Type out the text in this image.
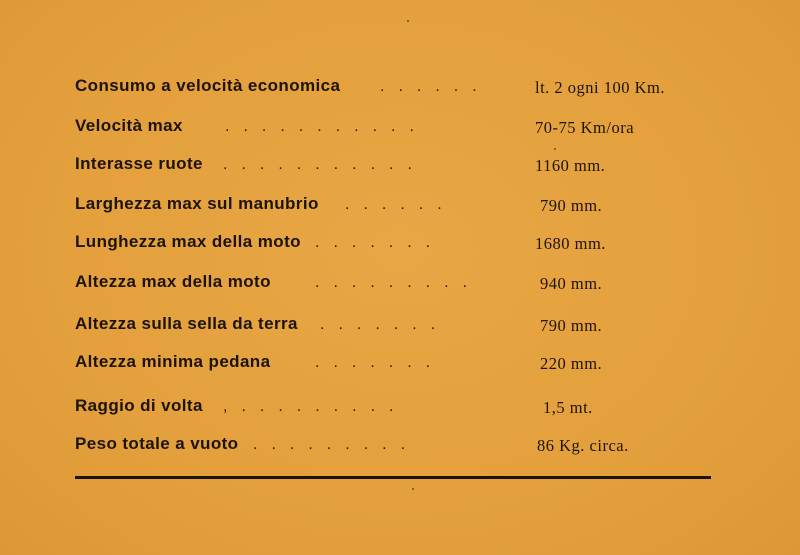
Consumo a velocità economica ......	lt. 2 ogni 100 Km.
Velocità max	...........	70-75 Km/ora
Interasse ruote ...........	1160 mm.
Larghezza max sul manubrio ......	790 mm.
Lunghezza max della moto .......	1680 mm.
Altezza max della moto	.........	940 mm.
Altezza sulla sella da terra .......	790 mm.
Altezza minima pedana	.......	220 mm.
Raggio di volta ,.........	1,5 mt.
Peso totale a vuoto .........	86 Kg. circa.
